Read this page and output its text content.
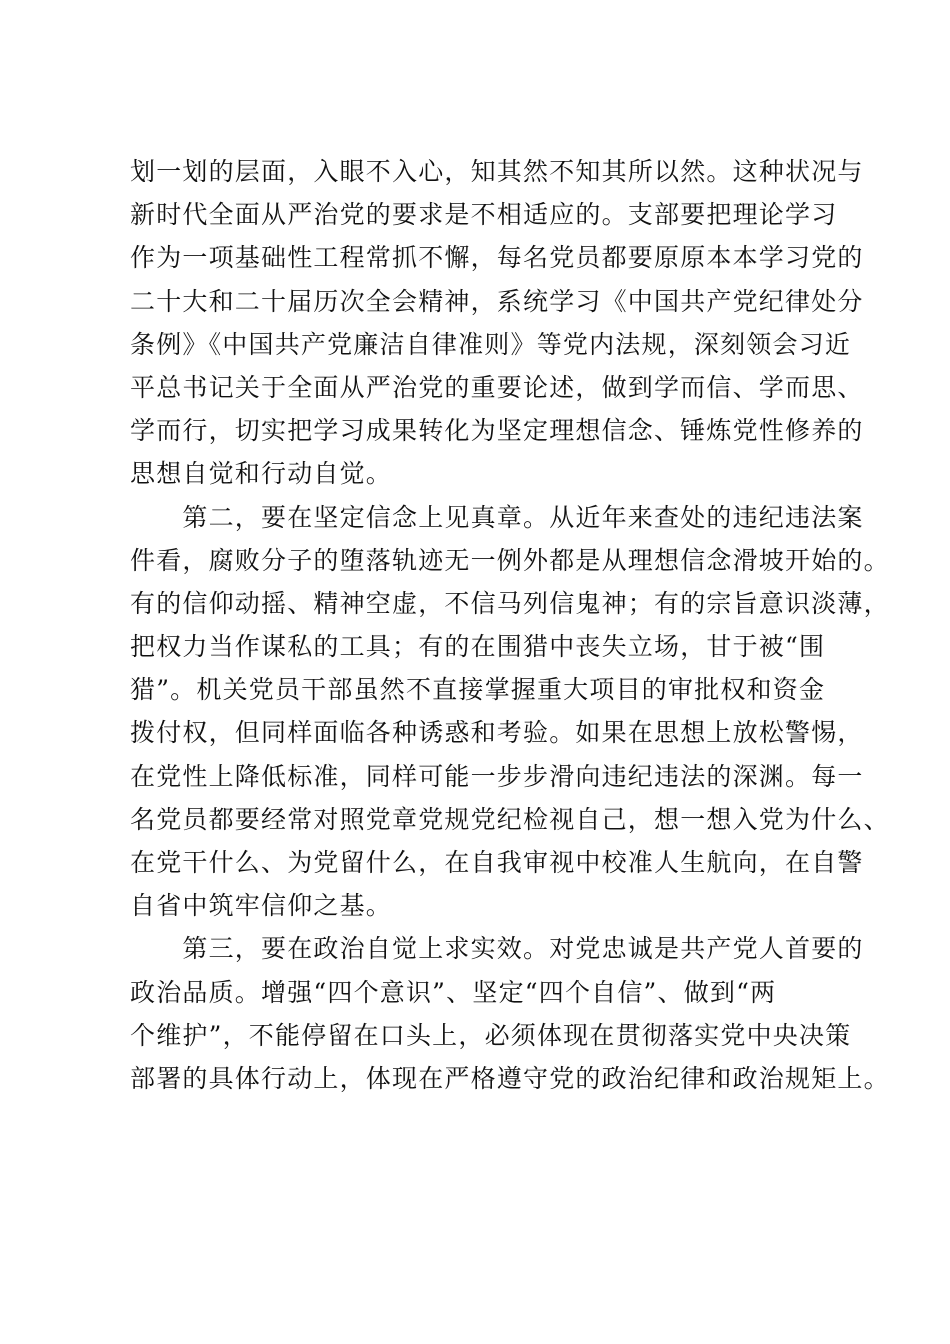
划一划的层面，入眼不入心，知其然不知其所以然。这种状况与
新时代全面从严治党的要求是不相适应的。支部要把理论学习
作为一项基础性工程常抓不懈，每名党员都要原原本本学习党的
二十大和二十届历次全会精神，系统学习《中国共产党纪律处分
条例》《中国共产党廉洁自律准则》等党内法规，深刻领会习近
平总书记关于全面从严治党的重要论述，做到学而信、学而思、
学而行，切实把学习成果转化为坚定理想信念、锤炼党性修养的
思想自觉和行动自觉。
　　第二，要在坚定信念上见真章。从近年来查处的违纪违法案
件看，腐败分子的堕落轨迹无一例外都是从理想信念滑坡开始的。
有的信仰动摇、精神空虚，不信马列信鬼神；有的宗旨意识淡薄，
把权力当作谋私的工具；有的在围猎中丧失立场，甘于被“围
猎”。机关党员干部虽然不直接掌握重大项目的审批权和资金
拨付权，但同样面临各种诱惑和考验。如果在思想上放松警惕，
在党性上降低标准，同样可能一步步滑向违纪违法的深渊。每一
名党员都要经常对照党章党规党纪检视自己，想一想入党为什么、
在党干什么、为党留什么，在自我审视中校准人生航向，在自警
自省中筑牢信仰之基。
　　第三，要在政治自觉上求实效。对党忠诚是共产党人首要的
政治品质。增强“四个意识”、坚定“四个自信”、做到“两
个维护”，不能停留在口头上，必须体现在贯彻落实党中央决策
部署的具体行动上，体现在严格遵守党的政治纪律和政治规矩上。
